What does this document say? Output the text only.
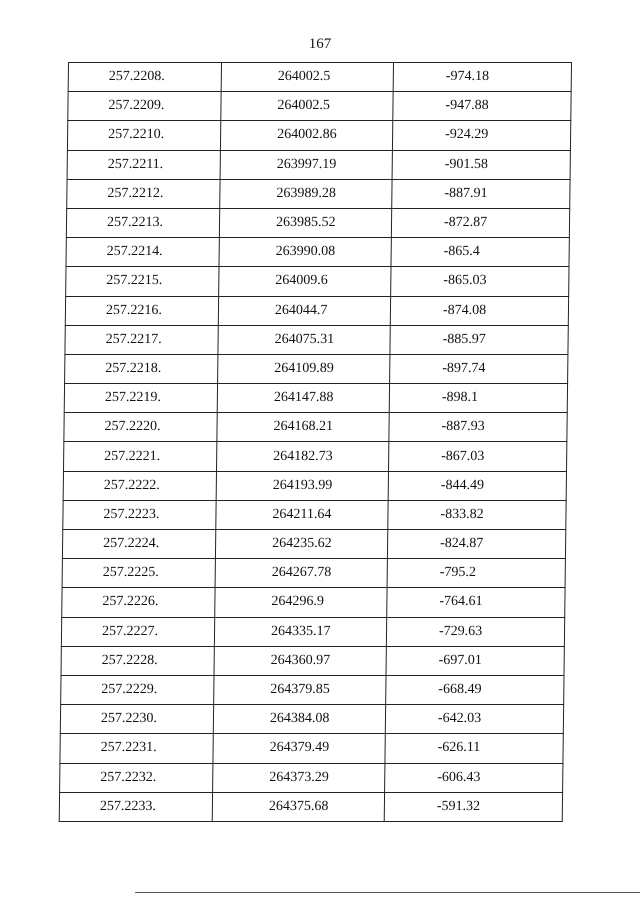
167
257.2208.	264002.5	-974.18
257.2209.	264002.5	-947.88
257.2210.	264002.86	-924.29
257.2211.	263997.19	-901.58
257.2212.	263989.28	-887.91
257.2213.	263985.52	-872.87
257.2214.	263990.08	-865.4
257.2215.	264009.6	-865.03
257.2216.	264044.7	-874.08
257.2217.	264075.31	-885.97
257.2218.	264109.89	-897.74
257.2219.	264147.88	-898.1
257.2220.	264168.21	-887.93
257.2221.	264182.73	-867.03
257.2222.	264193.99	-844.49
257.2223.	264211.64	-833.82
257.2224.	264235.62	-824.87
257.2225.	264267.78	-795.2
257.2226.	264296.9	-764.61
257.2227.	264335.17	-729.63
257.2228.	264360.97	-697.01
257.2229.	264379.85	-668.49
257.2230.	264384.08	-642.03
257.2231.	264379.49	-626.11
257.2232.	264373.29	-606.43
257.2233.	264375.68	-591.32
